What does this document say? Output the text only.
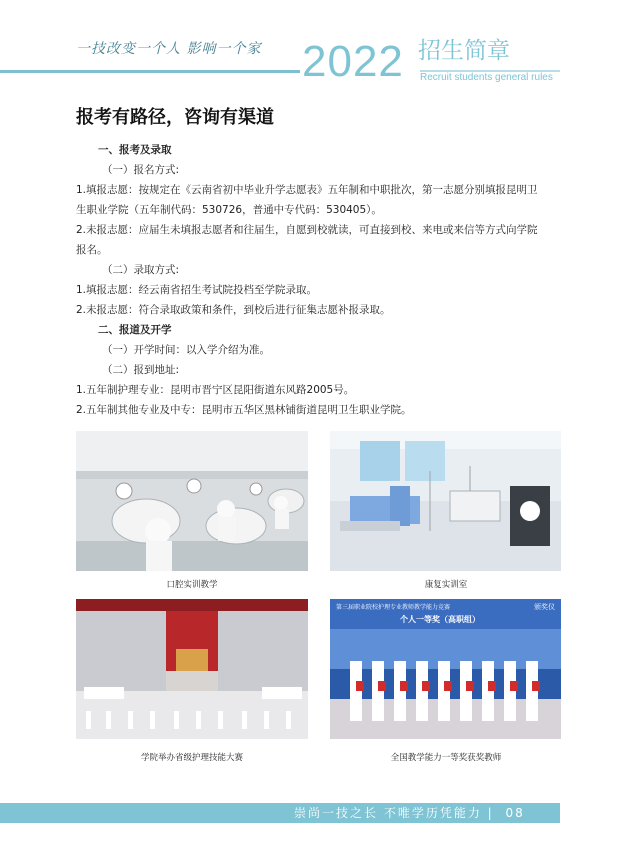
一技改变一个人 影响一个家 2022 招生简章
Recruit students general rules
报考有路径，咨询有渠道
一、报考及录取
（一）报名方式:
1.填报志愿：按规定在《云南省初中毕业升学志愿表》五年制和中职批次，第一志愿分别填报昆明卫
生职业学院（五年制代码：530726，普通中专代码：530405）。
2.未报志愿：应届生未填报志愿者和往届生，自愿到校就读，可直接到校、来电或来信等方式向学院
报名。
（二）录取方式:
1.填报志愿：经云南省招生考试院投档至学院录取。
2.未报志愿：符合录取政策和条件，到校后进行征集志愿补报录取。
二、报道及开学
（一）开学时间：以入学介绍为准。
（二）报到地址:
1.五年制护理专业：昆明市晋宁区昆阳街道东风路2005号。
2.五年制其他专业及中专：昆明市五华区黑林铺街道昆明卫生职业学院。
口腔实训教学	康复实训室
学院举办省级护理技能大赛
第三届职业院校护理专业教师教学能力竞赛	颁奖仪
个人一等奖（高职组）
全国教学能力一等奖获奖教师
崇尚一技之长 不唯学历凭能力 | 08
